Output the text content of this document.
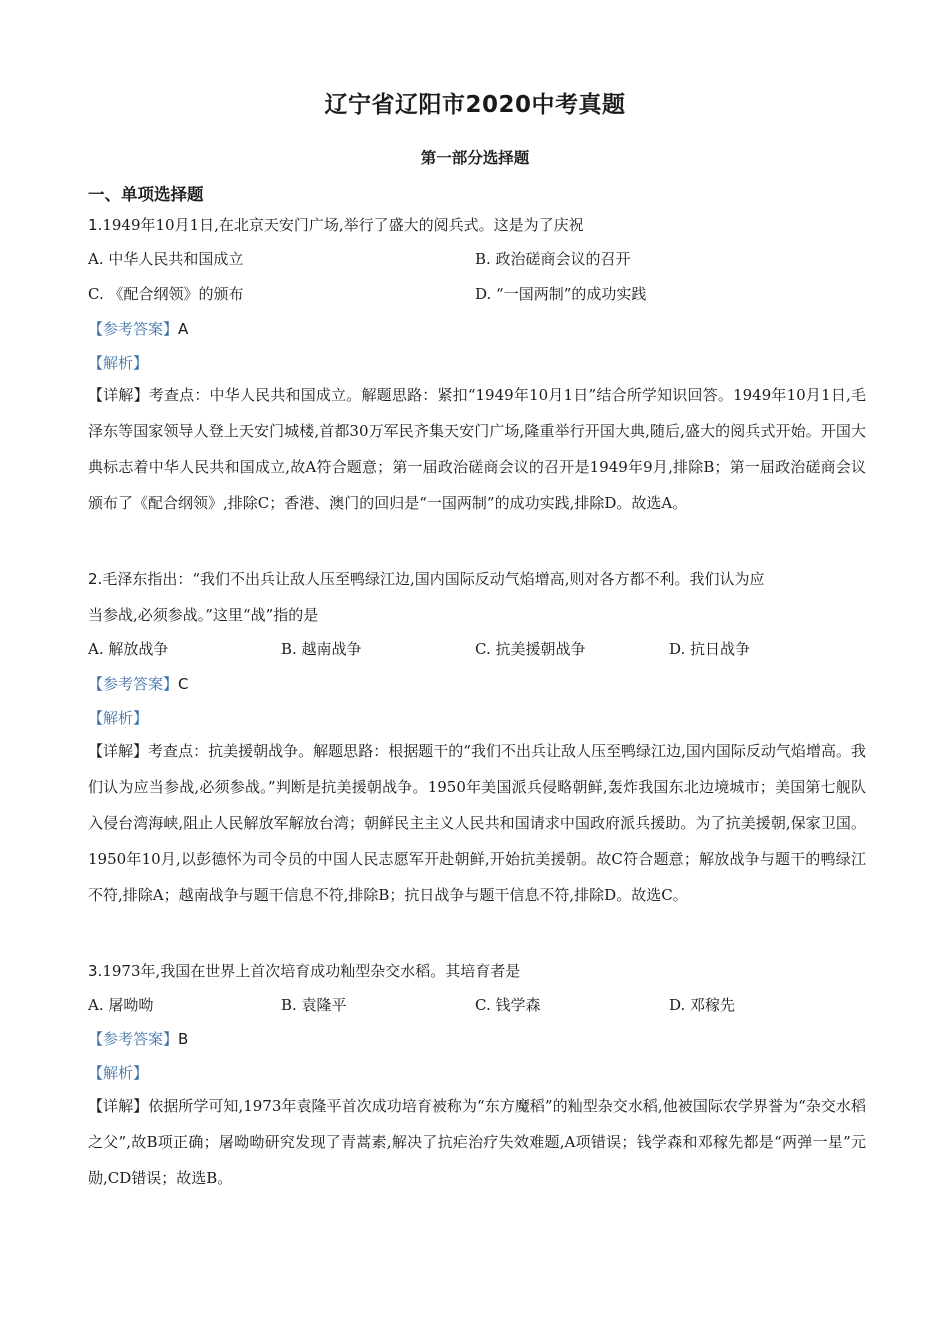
辽宁省辽阳市2020中考真题
第一部分选择题
一、单项选择题
1.1949年10月1日,在北京天安门广场,举行了盛大的阅兵式。这是为了庆祝
A. 中华人民共和国成立	B. 政治磋商会议的召开
C. 《配合纲领》的颁布	D. “一国两制”的成功实践
【参考答案】A
【解析】
【详解】考查点：中华人民共和国成立。解题思路：紧扣“1949年10月1日”结合所学知识回答。1949年10月1日,毛泽东等国家领导人登上天安门城楼,首都30万军民齐集天安门广场,隆重举行开国大典,随后,盛大的阅兵式开始。开国大典标志着中华人民共和国成立,故A符合题意；第一届政治磋商会议的召开是1949年9月,排除B；第一届政治磋商会议颁布了《配合纲领》,排除C；香港、澳门的回归是“一国两制”的成功实践,排除D。故选A。
2.毛泽东指出：“我们不出兵让敌人压至鸭绿江边,国内国际反动气焰增高,则对各方都不利。我们认为应
当参战,必须参战。”这里“战”指的是
A. 解放战争	B. 越南战争	C. 抗美援朝战争	D. 抗日战争
【参考答案】C
【解析】
【详解】考查点：抗美援朝战争。解题思路：根据题干的“我们不出兵让敌人压至鸭绿江边,国内国际反动气焰增高。我们认为应当参战,必须参战。”判断是抗美援朝战争。1950年美国派兵侵略朝鲜,轰炸我国东北边境城市；美国第七舰队入侵台湾海峡,阻止人民解放军解放台湾；朝鲜民主主义人民共和国请求中国政府派兵援助。为了抗美援朝,保家卫国。1950年10月,以彭德怀为司令员的中国人民志愿军开赴朝鲜,开始抗美援朝。故C符合题意；解放战争与题干的鸭绿江不符,排除A；越南战争与题干信息不符,排除B；抗日战争与题干信息不符,排除D。故选C。
3.1973年,我国在世界上首次培育成功籼型杂交水稻。其培育者是
A. 屠呦呦	B. 袁隆平	C. 钱学森	D. 邓稼先
【参考答案】B
【解析】
【详解】依据所学可知,1973年袁隆平首次成功培育被称为“东方魔稻”的籼型杂交水稻,他被国际农学界誉为“杂交水稻之父”,故B项正确；屠呦呦研究发现了青蒿素,解决了抗疟治疗失效难题,A项错误；钱学森和邓稼先都是“两弹一星”元勋,CD错误；故选B。
